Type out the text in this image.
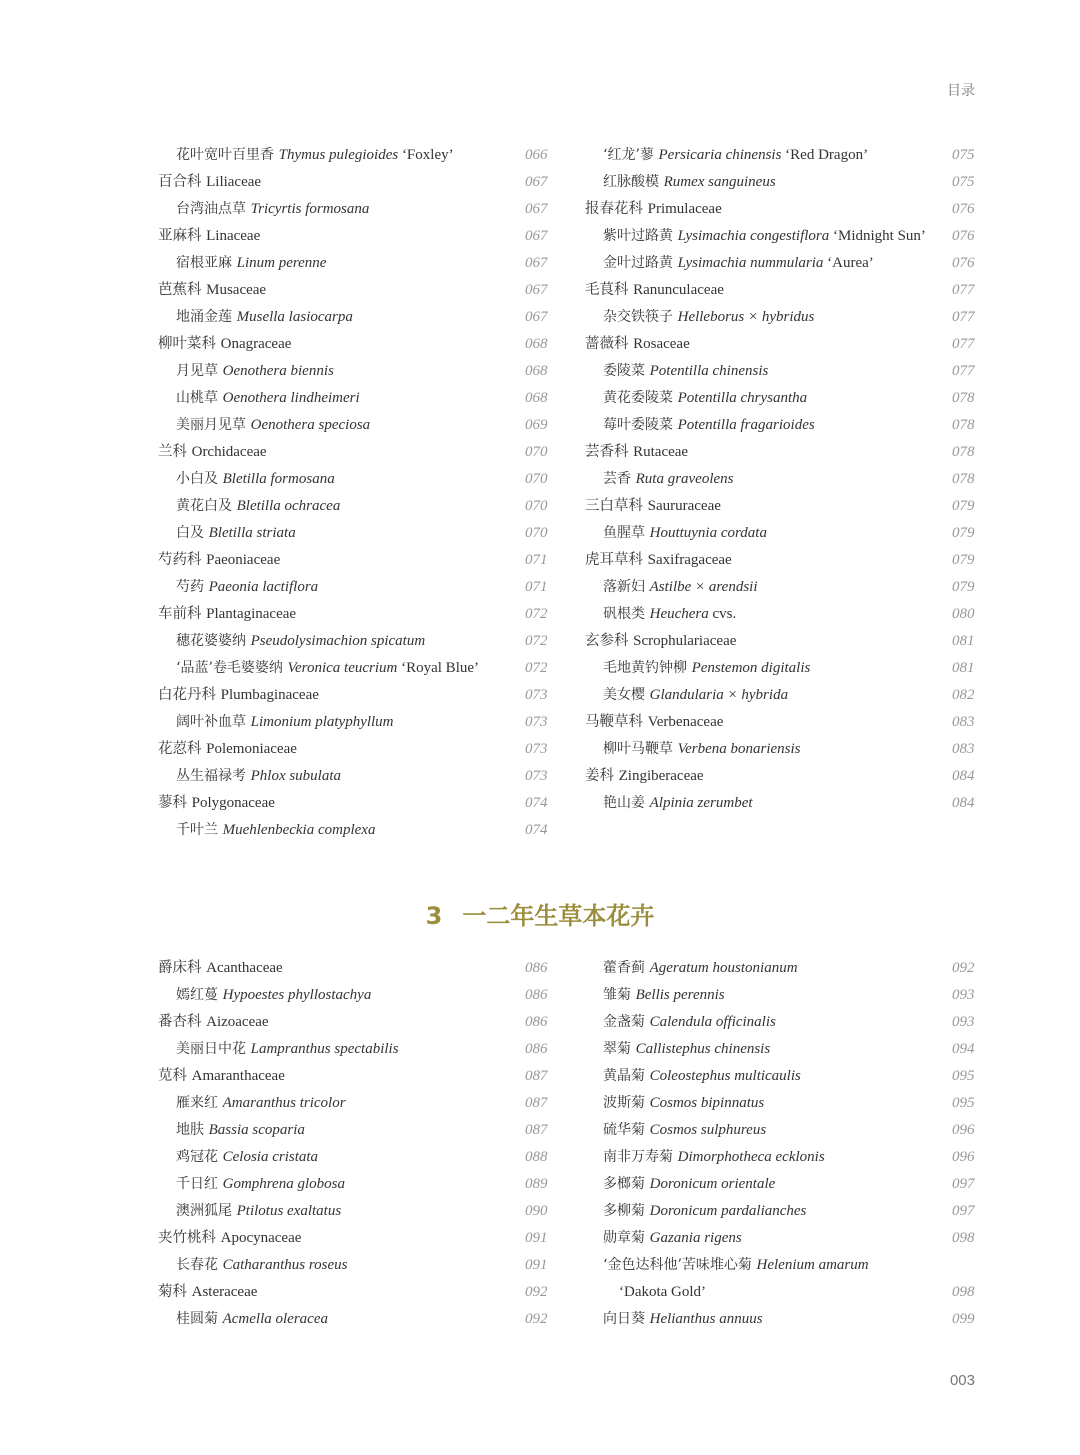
目录
花叶宽叶百里香 Thymus pulegioides ‘Foxley’	066
百合科 Liliaceae	067
台湾油点草 Tricyrtis formosana	067
亚麻科 Linaceae	067
宿根亚麻 Linum perenne	067
芭蕉科 Musaceae	067
地涌金莲 Musella lasiocarpa	067
柳叶菜科 Onagraceae	068
月见草 Oenothera biennis	068
山桃草 Oenothera lindheimeri	068
美丽月见草 Oenothera speciosa	069
兰科 Orchidaceae	070
小白及 Bletilla formosana	070
黄花白及 Bletilla ochracea	070
白及 Bletilla striata	070
芍药科 Paeoniaceae	071
芍药 Paeonia lactiflora	071
车前科 Plantaginaceae	072
穗花婆婆纳 Pseudolysimachion spicatum	072
‘品蓝’卷毛婆婆纳 Veronica teucrium ‘Royal Blue’	072
白花丹科 Plumbaginaceae	073
阔叶补血草 Limonium platyphyllum	073
花荵科 Polemoniaceae	073
丛生福禄考 Phlox subulata	073
蓼科 Polygonaceae	074
千叶兰 Muehlenbeckia complexa	074
‘红龙’蓼 Persicaria chinensis ‘Red Dragon’	075
红脉酸模 Rumex sanguineus	075
报春花科 Primulaceae	076
紫叶过路黄 Lysimachia congestiflora ‘Midnight Sun’ 076
金叶过路黄 Lysimachia nummularia ‘Aurea’	076
毛茛科 Ranunculaceae	077
杂交铁筷子 Helleborus × hybridus	077
蔷薇科 Rosaceae	077
委陵菜 Potentilla chinensis	077
黄花委陵菜 Potentilla chrysantha	078
莓叶委陵菜 Potentilla fragarioides	078
芸香科 Rutaceae	078
芸香 Ruta graveolens	078
三白草科 Saururaceae	079
鱼腥草 Houttuynia cordata	079
虎耳草科 Saxifragaceae	079
落新妇 Astilbe × arendsii	079
矾根类 Heuchera cvs.	080
玄参科 Scrophulariaceae	081
毛地黄钓钟柳 Penstemon digitalis	081
美女樱 Glandularia × hybrida	082
马鞭草科 Verbenaceae	083
柳叶马鞭草 Verbena bonariensis	083
姜科 Zingiberaceae	084
艳山姜 Alpinia zerumbet	084
3 一二年生草本花卉
爵床科 Acanthaceae	086
嫣红蔓 Hypoestes phyllostachya	086
番杏科 Aizoaceae	086
美丽日中花 Lampranthus spectabilis	086
苋科 Amaranthaceae	087
雁来红 Amaranthus tricolor	087
地肤 Bassia scoparia	087
鸡冠花 Celosia cristata	088
千日红 Gomphrena globosa	089
澳洲狐尾 Ptilotus exaltatus	090
夹竹桃科 Apocynaceae	091
长春花 Catharanthus roseus	091
菊科 Asteraceae	092
桂圆菊 Acmella oleracea	092
藿香蓟 Ageratum houstonianum	092
雏菊 Bellis perennis	093
金盏菊 Calendula officinalis	093
翠菊 Callistephus chinensis	094
黄晶菊 Coleostephus multicaulis	095
波斯菊 Cosmos bipinnatus	095
硫华菊 Cosmos sulphureus	096
南非万寿菊 Dimorphotheca ecklonis	096
多榔菊 Doronicum orientale	097
多柳菊 Doronicum pardalianches	097
勋章菊 Gazania rigens	098
‘金色达科他’苦味堆心菊 Helenium amarum
‘Dakota Gold’	098
向日葵 Helianthus annuus	099
003
